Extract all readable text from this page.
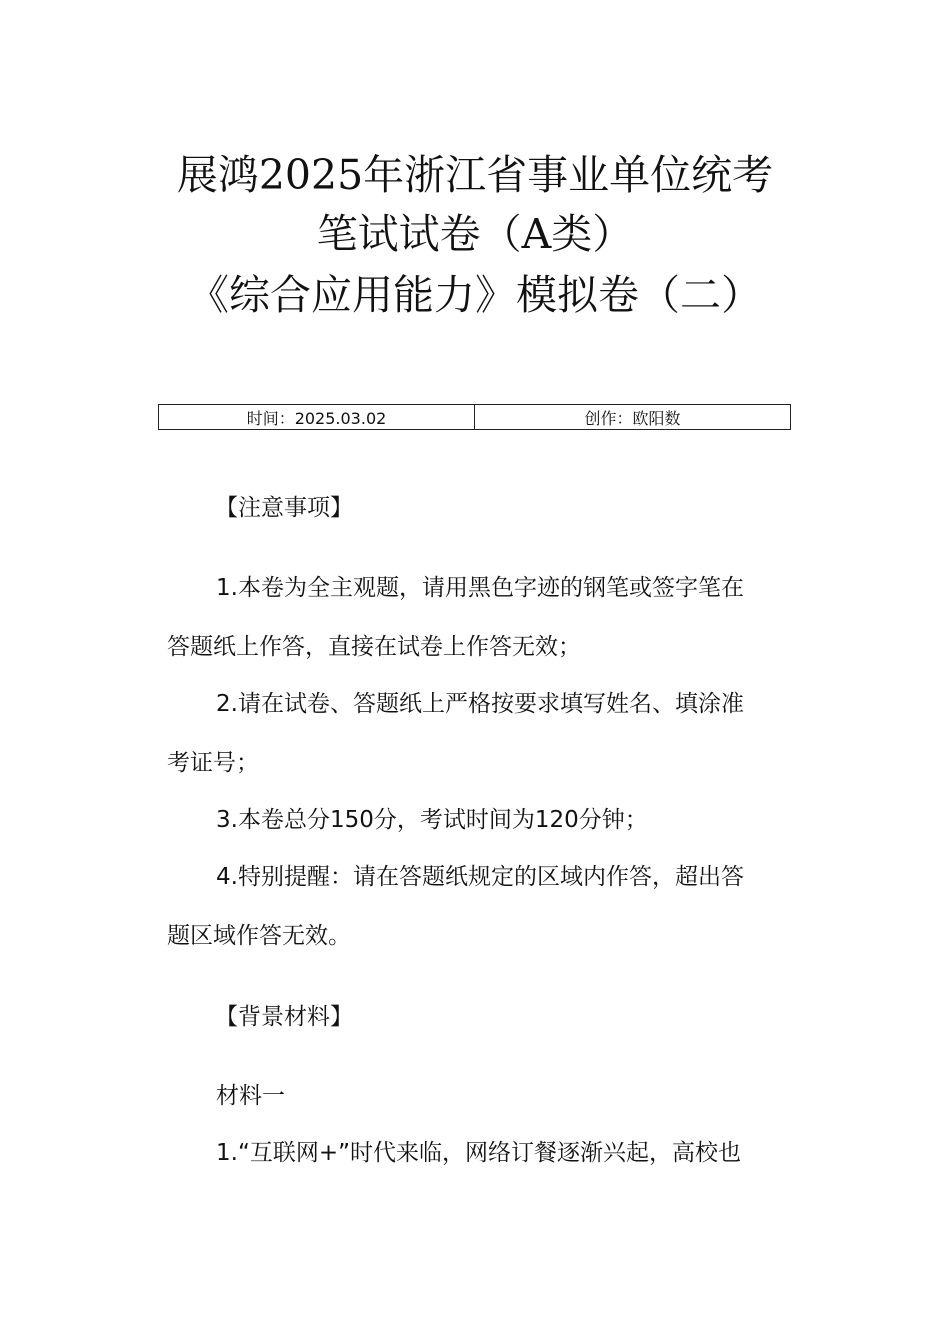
展鸿2025年浙江省事业单位统考
笔试试卷（A类）
《综合应用能力》模拟卷（二）
时间：2025.03.02	创作：欧阳数
【注意事项】
1.本卷为全主观题，请用黑色字迹的钢笔或签字笔在
答题纸上作答，直接在试卷上作答无效；
2.请在试卷、答题纸上严格按要求填写姓名、填涂准
考证号；
3.本卷总分150分，考试时间为120分钟；
4.特别提醒：请在答题纸规定的区域内作答，超出答
题区域作答无效。
【背景材料】
材料一
1.“互联网+”时代来临，网络订餐逐渐兴起，高校也
